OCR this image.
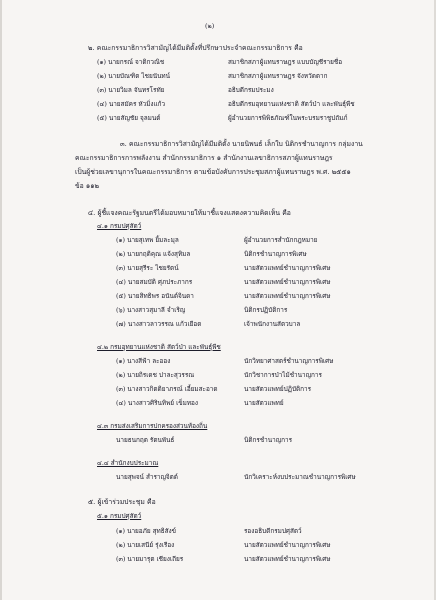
(๒)
๒. คณะกรรมาธิการวิสามัญได้มีมติตั้งที่ปรึกษาประจำคณะกรรมาธิการ คือ
(๑) นายกรณ์ จาติกวณิช	สมาชิกสภาผู้แทนราษฎร แบบบัญชีรายชื่อ
(๒) นายบัณฑิต ไชยนันทน์	สมาชิกสภาผู้แทนราษฎร จังหวัดตาก
(๓) นายวิมล จันทรโรทัย	อธิบดีกรมประมง
(๔) นายสมัคร หัวมิ่งแก้ว	อธิบดีกรมอุทยานแห่งชาติ สัตว์ป่า และพันธุ์พืช
(๕) นายสัญชัย จุลมนต์	ผู้อำนวยการพิพิธภัณฑ์ในพระบรมราชูปถัมภ์
๓. คณะกรรมาธิการวิสามัญได้มีมติตั้ง นายนิพนธ์ เล็กใบ นิติกรชำนาญการ กลุ่มงาน
คณะกรรมาธิการการพลังงาน สำนักกรรมาธิการ ๑ สำนักงานเลขาธิการสภาผู้แทนราษฎร
เป็นผู้ช่วยเลขานุการในคณะกรรมาธิการ ตามข้อบังคับการประชุมสภาผู้แทนราษฎร พ.ศ. ๒๕๕๑
ข้อ ๑๑๒
๔. ผู้ชี้แจงคณะรัฐมนตรีได้มอบหมายให้มาชี้แจงแสดงความคิดเห็น คือ
๔.๑ กรมปศุสัตว์
(๑) นายสุเทพ ยิ้มละมุล	ผู้อำนวยการสำนักกฎหมาย
(๒) นายกฤติคุณ แจ้งสุทิมล	นิติกรชำนาญการพิเศษ
(๓) นายสุรีระ ไชยรัตน์	นายสัตวแพทย์ชำนาญการพิเศษ
(๔) นายสมบัติ ศุภประภากร	นายสัตวแพทย์ชำนาญการพิเศษ
(๕) นายสิทธิพร อนันต์จินดา	นายสัตวแพทย์ชำนาญการพิเศษ
(๖) นางสาวสุมาลี จำเริญ	นิติกรปฏิบัติการ
(๗) นางสาวลาวรรณ แก้วเยือด	เจ้าพนักงานสัตวบาล
๔.๒ กรมอุทยานแห่งชาติ สัตว์ป่า และพันธุ์พืช
(๑) นางสีฟ้า ละออง	นักวิทยาศาสตร์ชำนาญการพิเศษ
(๒) นายถิรเดช ปาละสุวรรณ	นักวิชาการป่าไม้ชำนาญการ
(๓) นางสาวกิตติยาภรณ์ เอี้ยมสะอาด	นายสัตวแพทย์ปฏิบัติการ
(๔) นางสาวศิรินทิพย์ เข็มทอง	นายสัตวแพทย์
๔.๓ กรมส่งเสริมการปกครองส่วนท้องถิ่น
นายธนกฤต รัตนพันธ์	นิติกรชำนาญการ
๔.๔ สำนักงบประมาณ
นายสุพจน์ สำราญจิตต์	นักวิเคราะห์งบประมาณชำนาญการพิเศษ
๕. ผู้เข้าร่วมประชุม คือ
๕.๑ กรมปศุสัตว์
(๑) นายอภัย สุทธิสังข์	รองอธิบดีกรมปศุสัตว์
(๒) นายเสนีย์ รุ่งเรือง	นายสัตวแพทย์ชำนาญการพิเศษ
(๓) นายมารุต เชียงเถียร	นายสัตวแพทย์ชำนาญการพิเศษ
